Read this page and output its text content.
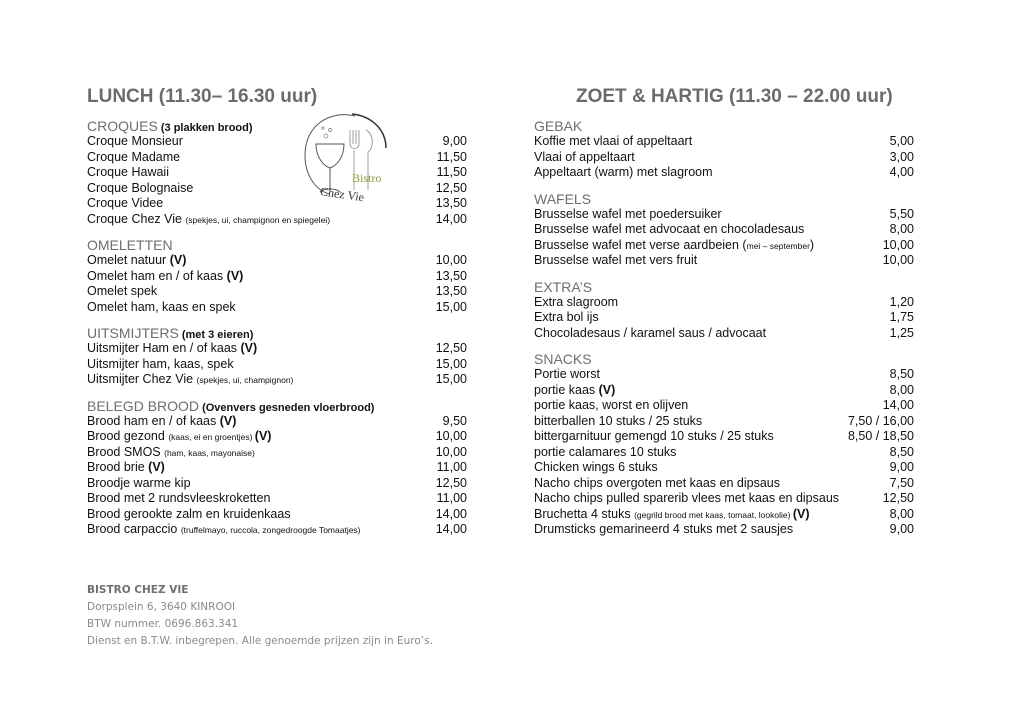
LUNCH (11.30– 16.30 uur)
CROQUES (3 plakken brood)
Croque Monsieur	9,00
Croque Madame	11,50
Croque Hawaii	11,50
Croque Bolognaise	12,50
Croque Videe	13,50
Croque Chez Vie (spekjes, ui, champignon en spiegelei)	14,00
OMELETTEN
Omelet natuur (V)	10,00
Omelet ham en / of kaas (V)	13,50
Omelet spek	13,50
Omelet ham, kaas en spek	15,00
UITSMIJTERS (met 3 eieren)
Uitsmijter Ham en / of kaas (V)	12,50
Uitsmijter ham, kaas, spek	15,00
Uitsmijter Chez Vie (spekjes, ui, champignon)	15,00
BELEGD BROOD (Ovenvers gesneden vloerbrood)
Brood ham en / of kaas (V)	9,50
Brood gezond (kaas, ei en groentjes) (V)	10,00
Brood SMOS (ham, kaas, mayonaise)	10,00
Brood brie (V)	11,00
Broodje warme kip	12,50
Brood met 2 rundsvleeskroketten	11,00
Brood gerookte zalm en kruidenkaas	14,00
Brood carpaccio (truffelmayo, ruccola, zongedroogde Tomaatjes)	14,00
Bistro
Chez Vie
ZOET & HARTIG (11.30 – 22.00 uur)
GEBAK
Koffie met vlaai of appeltaart	5,00
Vlaai of appeltaart	3,00
Appeltaart (warm) met slagroom	4,00
WAFELS
Brusselse wafel met poedersuiker	5,50
Brusselse wafel met advocaat en chocoladesaus	8,00
Brusselse wafel met verse aardbeien (mei – september)	10,00
Brusselse wafel met vers fruit	10,00
EXTRA’S
Extra slagroom	1,20
Extra bol ijs	1,75
Chocoladesaus / karamel saus / advocaat	1,25
SNACKS
Portie worst	8,50
portie kaas (V)	8,00
portie kaas, worst en olijven	14,00
bitterballen 10 stuks / 25 stuks	7,50 / 16,00
bittergarnituur gemengd 10 stuks / 25 stuks	8,50 / 18,50
portie calamares 10 stuks	8,50
Chicken wings 6 stuks	9,00
Nacho chips overgoten met kaas en dipsaus	7,50
Nacho chips pulled sparerib vlees met kaas en dipsaus	12,50
Bruchetta 4 stuks (gegrild brood met kaas, tomaat, lookolie) (V)	8,00
Drumsticks gemarineerd 4 stuks met 2 sausjes	9,00
BISTRO CHEZ VIE
Dorpsplein 6, 3640 KINROOI
BTW nummer. 0696.863.341
Dienst en B.T.W. inbegrepen. Alle genoemde prijzen zijn in Euro’s.
